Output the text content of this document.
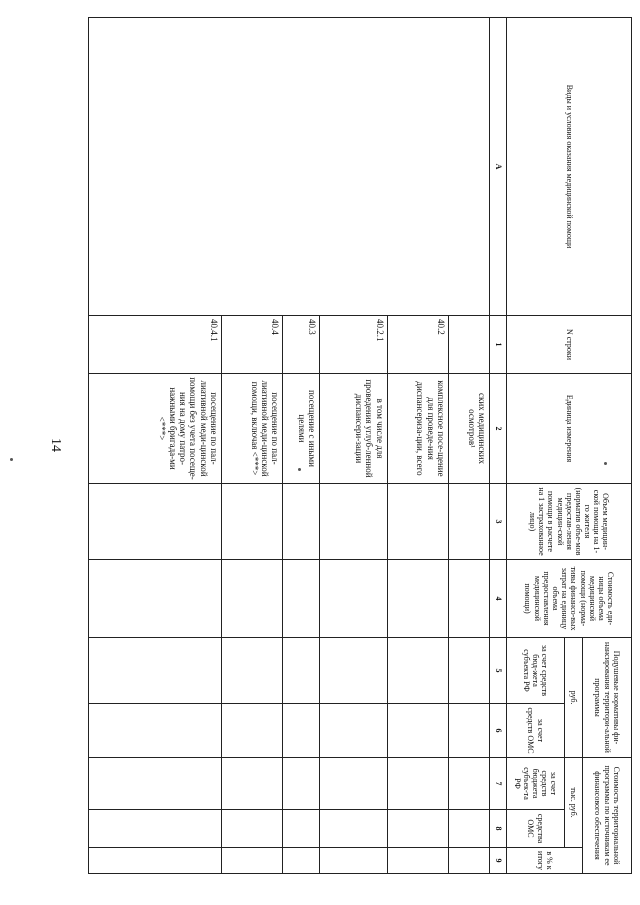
14
Виды и условия оказания медицинской помощи	N строки	Единица измерения	Объем медицин-ской помощи на 1-го жителя (норматив объе-мов предостав-ления медицин-ской помощи в расчете на 1 застрахованное лицо)	Стоимость еди-ницы объема медицинской помощи (норма-тивы финансо-вых затрат на единицу объема предоставления медицинской помощи)	Подушевые нормативы фи-нансирования территори-альной программы		Стоимость территориальной программы по источникам ее финансового обеспечения		
					руб.		тыс. руб.		в % к итогу
					за счет средств бюд-жета субъекта РФ	за счет средств ОМС	за счет средств бюджета субъек-та РФ	средства ОМС	
А	1	2	3	4	5	6	7	8	9
		ских медицинских осмотров¹							
	40.2	комплексное посе-щение для проведе-ния диспансериза-ции, всего							
	40.2.1	в том числе для проведения углуб-ленной диспансери-зации							
	40.3	посещение с иными целями							
	40.4	посещение по пал-лиативной меди-цинской помощи, включая <***>							
	40.4.1	посещение по пал-лиативной меди-цинской помощи без учета посеще-ния на дому патро-нажными бригада-ми <***>							
